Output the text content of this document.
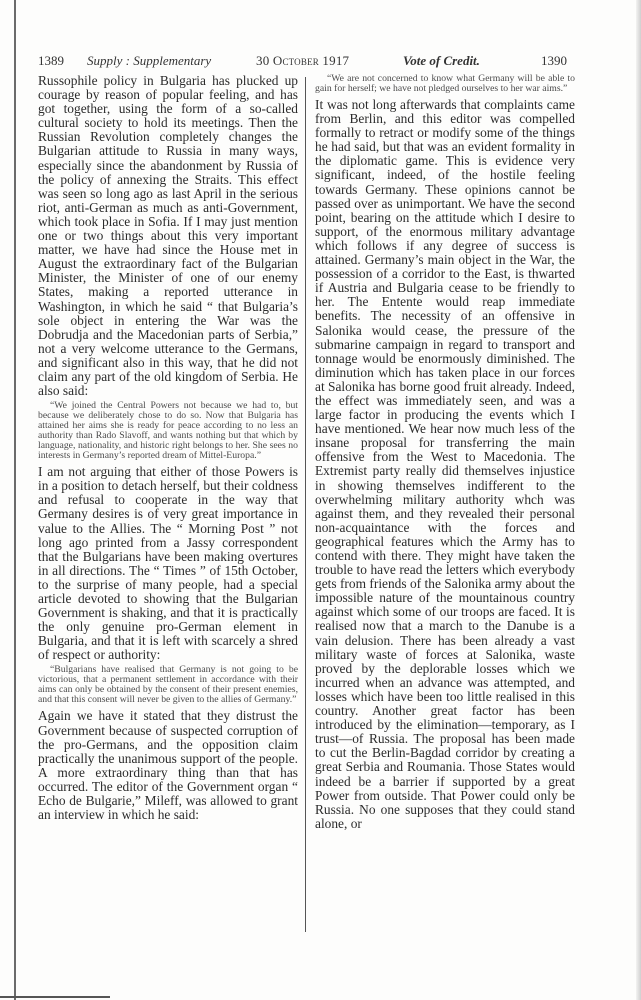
1389 Supply : Supplementary	30 October 1917	Vote of Credit.	1390

Russophile policy in Bulgaria has plucked up courage by reason of popular feeling, and has got together, using the form of a so-called cultural society to hold its meetings. Then the Russian Revolution completely changes the Bulgarian attitude to Russia in many ways, especially since the abandonment by Russia of the policy of annexing the Straits. This effect was seen so long ago as last April in the serious riot, anti-German as much as anti-Government, which took place in Sofia. If I may just mention one or two things about this very important matter, we have had since the House met in August the extraordinary fact of the Bulgarian Minister, the Minister of one of our enemy States, making a reported utterance in Washington, in which he said “ that Bulgaria’s sole object in entering the War was the Dobrudja and the Macedonian parts of Serbia,” not a very welcome utterance to the Germans, and significant also in this way, that he did not claim any part of the old kingdom of Serbia. He also said:

“We joined the Central Powers not because we had to, but because we deliberately chose to do so. Now that Bulgaria has attained her aims she is ready for peace according to no less an authority than Rado Slavoff, and wants nothing but that which by language, nationality, and historic right belongs to her. She sees no interests in Germany’s reported dream of Mittel-Europa.”

I am not arguing that either of those Powers is in a position to detach herself, but their coldness and refusal to cooperate in the way that Germany desires is of very great importance in value to the Allies. The “ Morning Post ” not long ago printed from a Jassy correspondent that the Bulgarians have been making overtures in all directions. The “ Times ” of 15th October, to the surprise of many people, had a special article devoted to showing that the Bulgarian Government is shaking, and that it is practically the only genuine pro-German element in Bulgaria, and that it is left with scarcely a shred of respect or authority:

“Bulgarians have realised that Germany is not going to be victorious, that a permanent settlement in accordance with their aims can only be obtained by the consent of their present enemies, and that this consent will never be given to the allies of Germany.”

Again we have it stated that they distrust the Government because of suspected corruption of the pro-Germans, and the opposition claim practically the unanimous support of the people. A more extraordinary thing than that has occurred. The editor of the Government organ “ Echo de Bulgarie,” Mileff, was allowed to grant an interview in which he said:

“We are not concerned to know what Germany will be able to gain for herself; we have not pledged ourselves to her war aims.”

It was not long afterwards that complaints came from Berlin, and this editor was compelled formally to retract or modify some of the things he had said, but that was an evident formality in the diplomatic game. This is evidence very significant, indeed, of the hostile feeling towards Germany. These opinions cannot be passed over as unimportant. We have the second point, bearing on the attitude which I desire to support, of the enormous military advantage which follows if any degree of success is attained. Germany’s main object in the War, the possession of a corridor to the East, is thwarted if Austria and Bulgaria cease to be friendly to her. The Entente would reap immediate benefits. The necessity of an offensive in Salonika would cease, the pressure of the submarine campaign in regard to transport and tonnage would be enormously diminished. The diminution which has taken place in our forces at Salonika has borne good fruit already. Indeed, the effect was immediately seen, and was a large factor in producing the events which I have mentioned. We hear now much less of the insane proposal for transferring the main offensive from the West to Macedonia. The Extremist party really did themselves injustice in showing themselves indifferent to the overwhelming military authority whch was against them, and they revealed their personal non-acquaintance with the forces and geographical features which the Army has to contend with there. They might have taken the trouble to have read the letters which everybody gets from friends of the Salonika army about the impossible nature of the mountainous country against which some of our troops are faced. It is realised now that a march to the Danube is a vain delusion. There has been already a vast military waste of forces at Salonika, waste proved by the deplorable losses which we incurred when an advance was attempted, and losses which have been too little realised in this country. Another great factor has been introduced by the elimination—temporary, as I trust—of Russia. The proposal has been made to cut the Berlin-Bagdad corridor by creating a great Serbia and Roumania. Those States would indeed be a barrier if supported by a great Power from outside. That Power could only be Russia. No one supposes that they could stand alone, or
